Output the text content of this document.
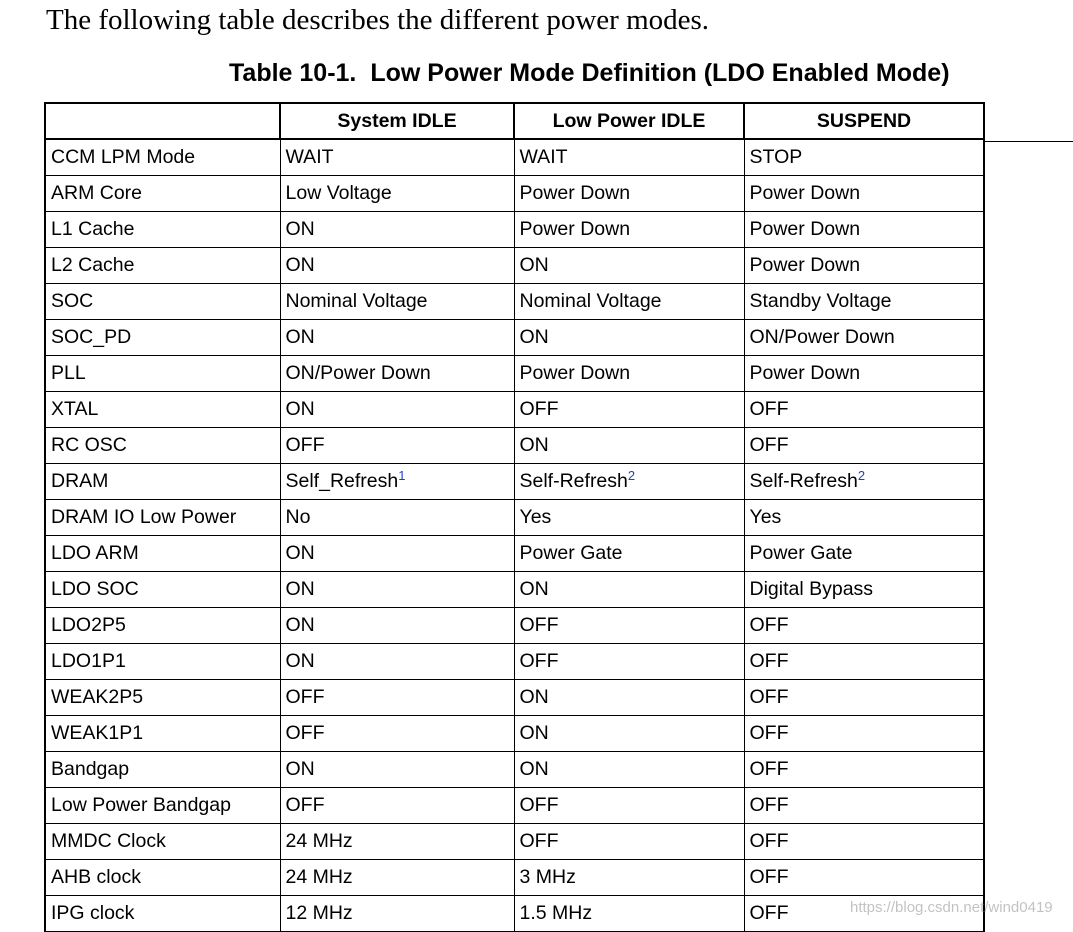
The following table describes the different power modes.
Table 10-1. Low Power Mode Definition (LDO Enabled Mode)
	System IDLE	Low Power IDLE	SUSPEND
CCM LPM Mode	WAIT	WAIT	STOP
ARM Core	Low Voltage	Power Down	Power Down
L1 Cache	ON	Power Down	Power Down
L2 Cache	ON	ON	Power Down
SOC	Nominal Voltage	Nominal Voltage	Standby Voltage
SOC_PD	ON	ON	ON/Power Down
PLL	ON/Power Down	Power Down	Power Down
XTAL	ON	OFF	OFF
RC OSC	OFF	ON	OFF
DRAM	Self_Refresh$^1$	Self-Refresh$^2$	Self-Refresh$^2$
DRAM IO Low Power	No	Yes	Yes
LDO ARM	ON	Power Gate	Power Gate
LDO SOC	ON	ON	Digital Bypass
LDO2P5	ON	OFF	OFF
LDO1P1	ON	OFF	OFF
WEAK2P5	OFF	ON	OFF
WEAK1P1	OFF	ON	OFF
Bandgap	ON	ON	OFF
Low Power Bandgap	OFF	OFF	OFF
MMDC Clock	24 MHz	OFF	OFF
AHB clock	24 MHz	3 MHz	OFF
IPG clock	12 MHz	1.5 MHz	OFF	https://blog.csdn.net/wind0419
